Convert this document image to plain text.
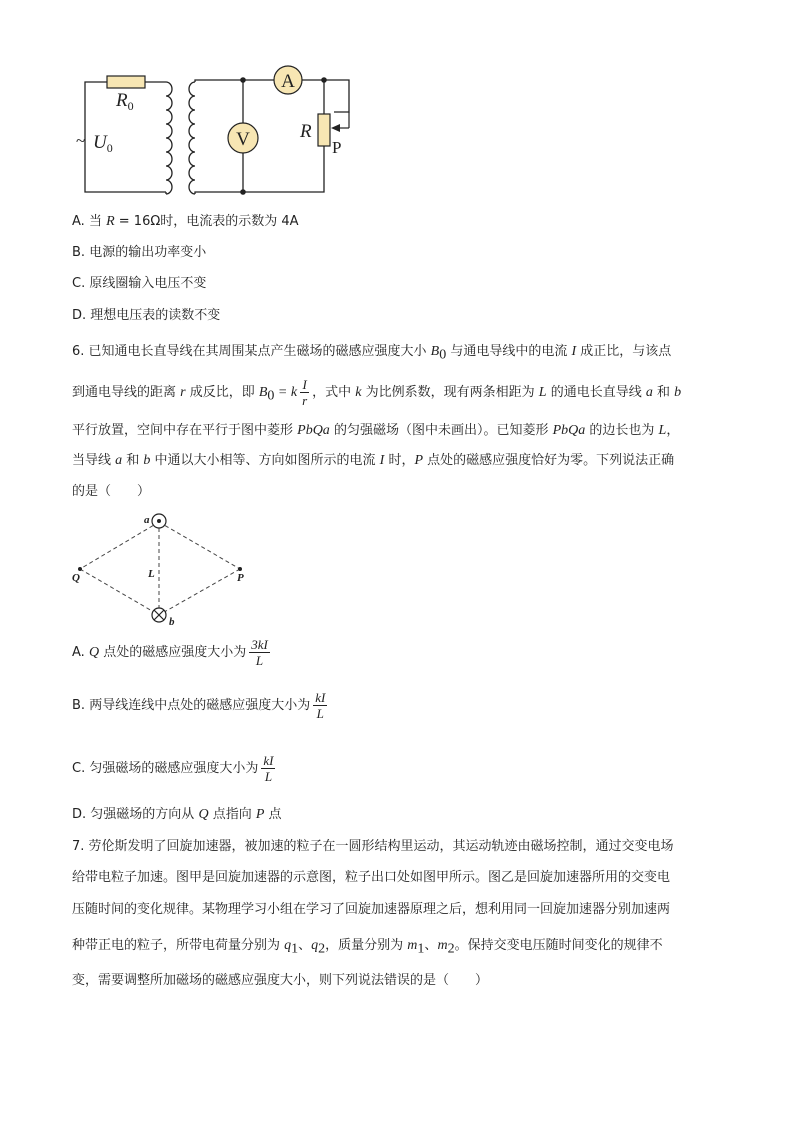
A
V
$R_0$
~ $U_0$
R
P
A. 当 R = 16Ω时，电流表的示数为 4A
B. 电源的输出功率变小
C. 原线圈输入电压不变
D. 理想电压表的读数不变
6. 已知通电长直导线在其周围某点产生磁场的磁感应强度大小 $B_0$ 与通电导线中的电流 I 成正比，与该点
到通电导线的距离 r 成反比，即 $B_0 = k \frac{I}{r}$ ，式中 k 为比例系数，现有两条相距为 L 的通电长直导线 a 和 b
平行放置，空间中存在平行于图中菱形 PbQa 的匀强磁场（图中未画出）。已知菱形 PbQa 的边长也为 L，
当导线 a 和 b 中通以大小相等、方向如图所示的电流 I 时，P 点处的磁感应强度恰好为零。下列说法正确
的是（　　）
a
b
Q	P
L
A. Q 点处的磁感应强度大小为 $\frac{3kI}{L}$
B. 两导线连线中点处的磁感应强度大小为 $\frac{kI}{L}$
C. 匀强磁场的磁感应强度大小为 $\frac{kI}{L}$
D. 匀强磁场的方向从 Q 点指向 P 点
7. 劳伦斯发明了回旋加速器，被加速的粒子在一圆形结构里运动，其运动轨迹由磁场控制，通过交变电场
给带电粒子加速。图甲是回旋加速器的示意图，粒子出口处如图甲所示。图乙是回旋加速器所用的交变电
压随时间的变化规律。某物理学习小组在学习了回旋加速器原理之后，想利用同一回旋加速器分别加速两
种带正电的粒子，所带电荷量分别为 $q_1$、$q_2$，质量分别为 $m_1$、$m_2$。保持交变电压随时间变化的规律不
变，需要调整所加磁场的磁感应强度大小，则下列说法错误的是（　　）
